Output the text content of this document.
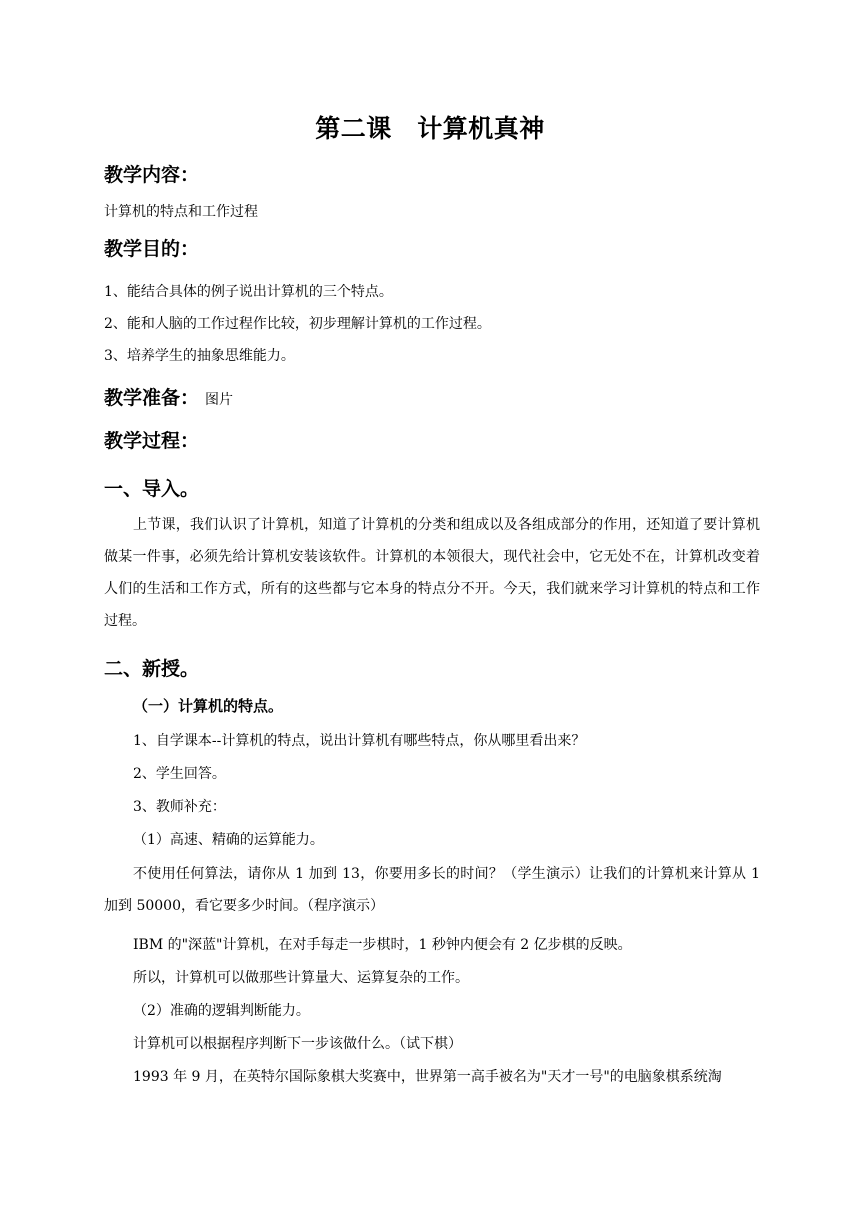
第二课　计算机真神
教学内容：
计算机的特点和工作过程
教学目的：
1、能结合具体的例子说出计算机的三个特点。
2、能和人脑的工作过程作比较，初步理解计算机的工作过程。
3、培养学生的抽象思维能力。
教学准备： 图片
教学过程：
一、导入。

上节课，我们认识了计算机，知道了计算机的分类和组成以及各组成部分的作用，还知道了要计算机做某一件事，必须先给计算机安装该软件。计算机的本领很大，现代社会中，它无处不在，计算机改变着人们的生活和工作方式，所有的这些都与它本身的特点分不开。今天，我们就来学习计算机的特点和工作过程。

二、新授。
（一）计算机的特点。
1、自学课本--计算机的特点，说出计算机有哪些特点，你从哪里看出来？
2、学生回答。
3、教师补充：
（1）高速、精确的运算能力。

不使用任何算法，请你从 1 加到 13，你要用多长的时间？（学生演示）让我们的计算机来计算从 1 加到 50000，看它要多少时间。（程序演示）

IBM 的"深蓝"计算机，在对手每走一步棋时，1 秒钟内便会有 2 亿步棋的反映。
所以，计算机可以做那些计算量大、运算复杂的工作。
（2）准确的逻辑判断能力。
计算机可以根据程序判断下一步该做什么。（试下棋）
1993 年 9 月，在英特尔国际象棋大奖赛中，世界第一高手被名为"天才一号"的电脑象棋系统淘
